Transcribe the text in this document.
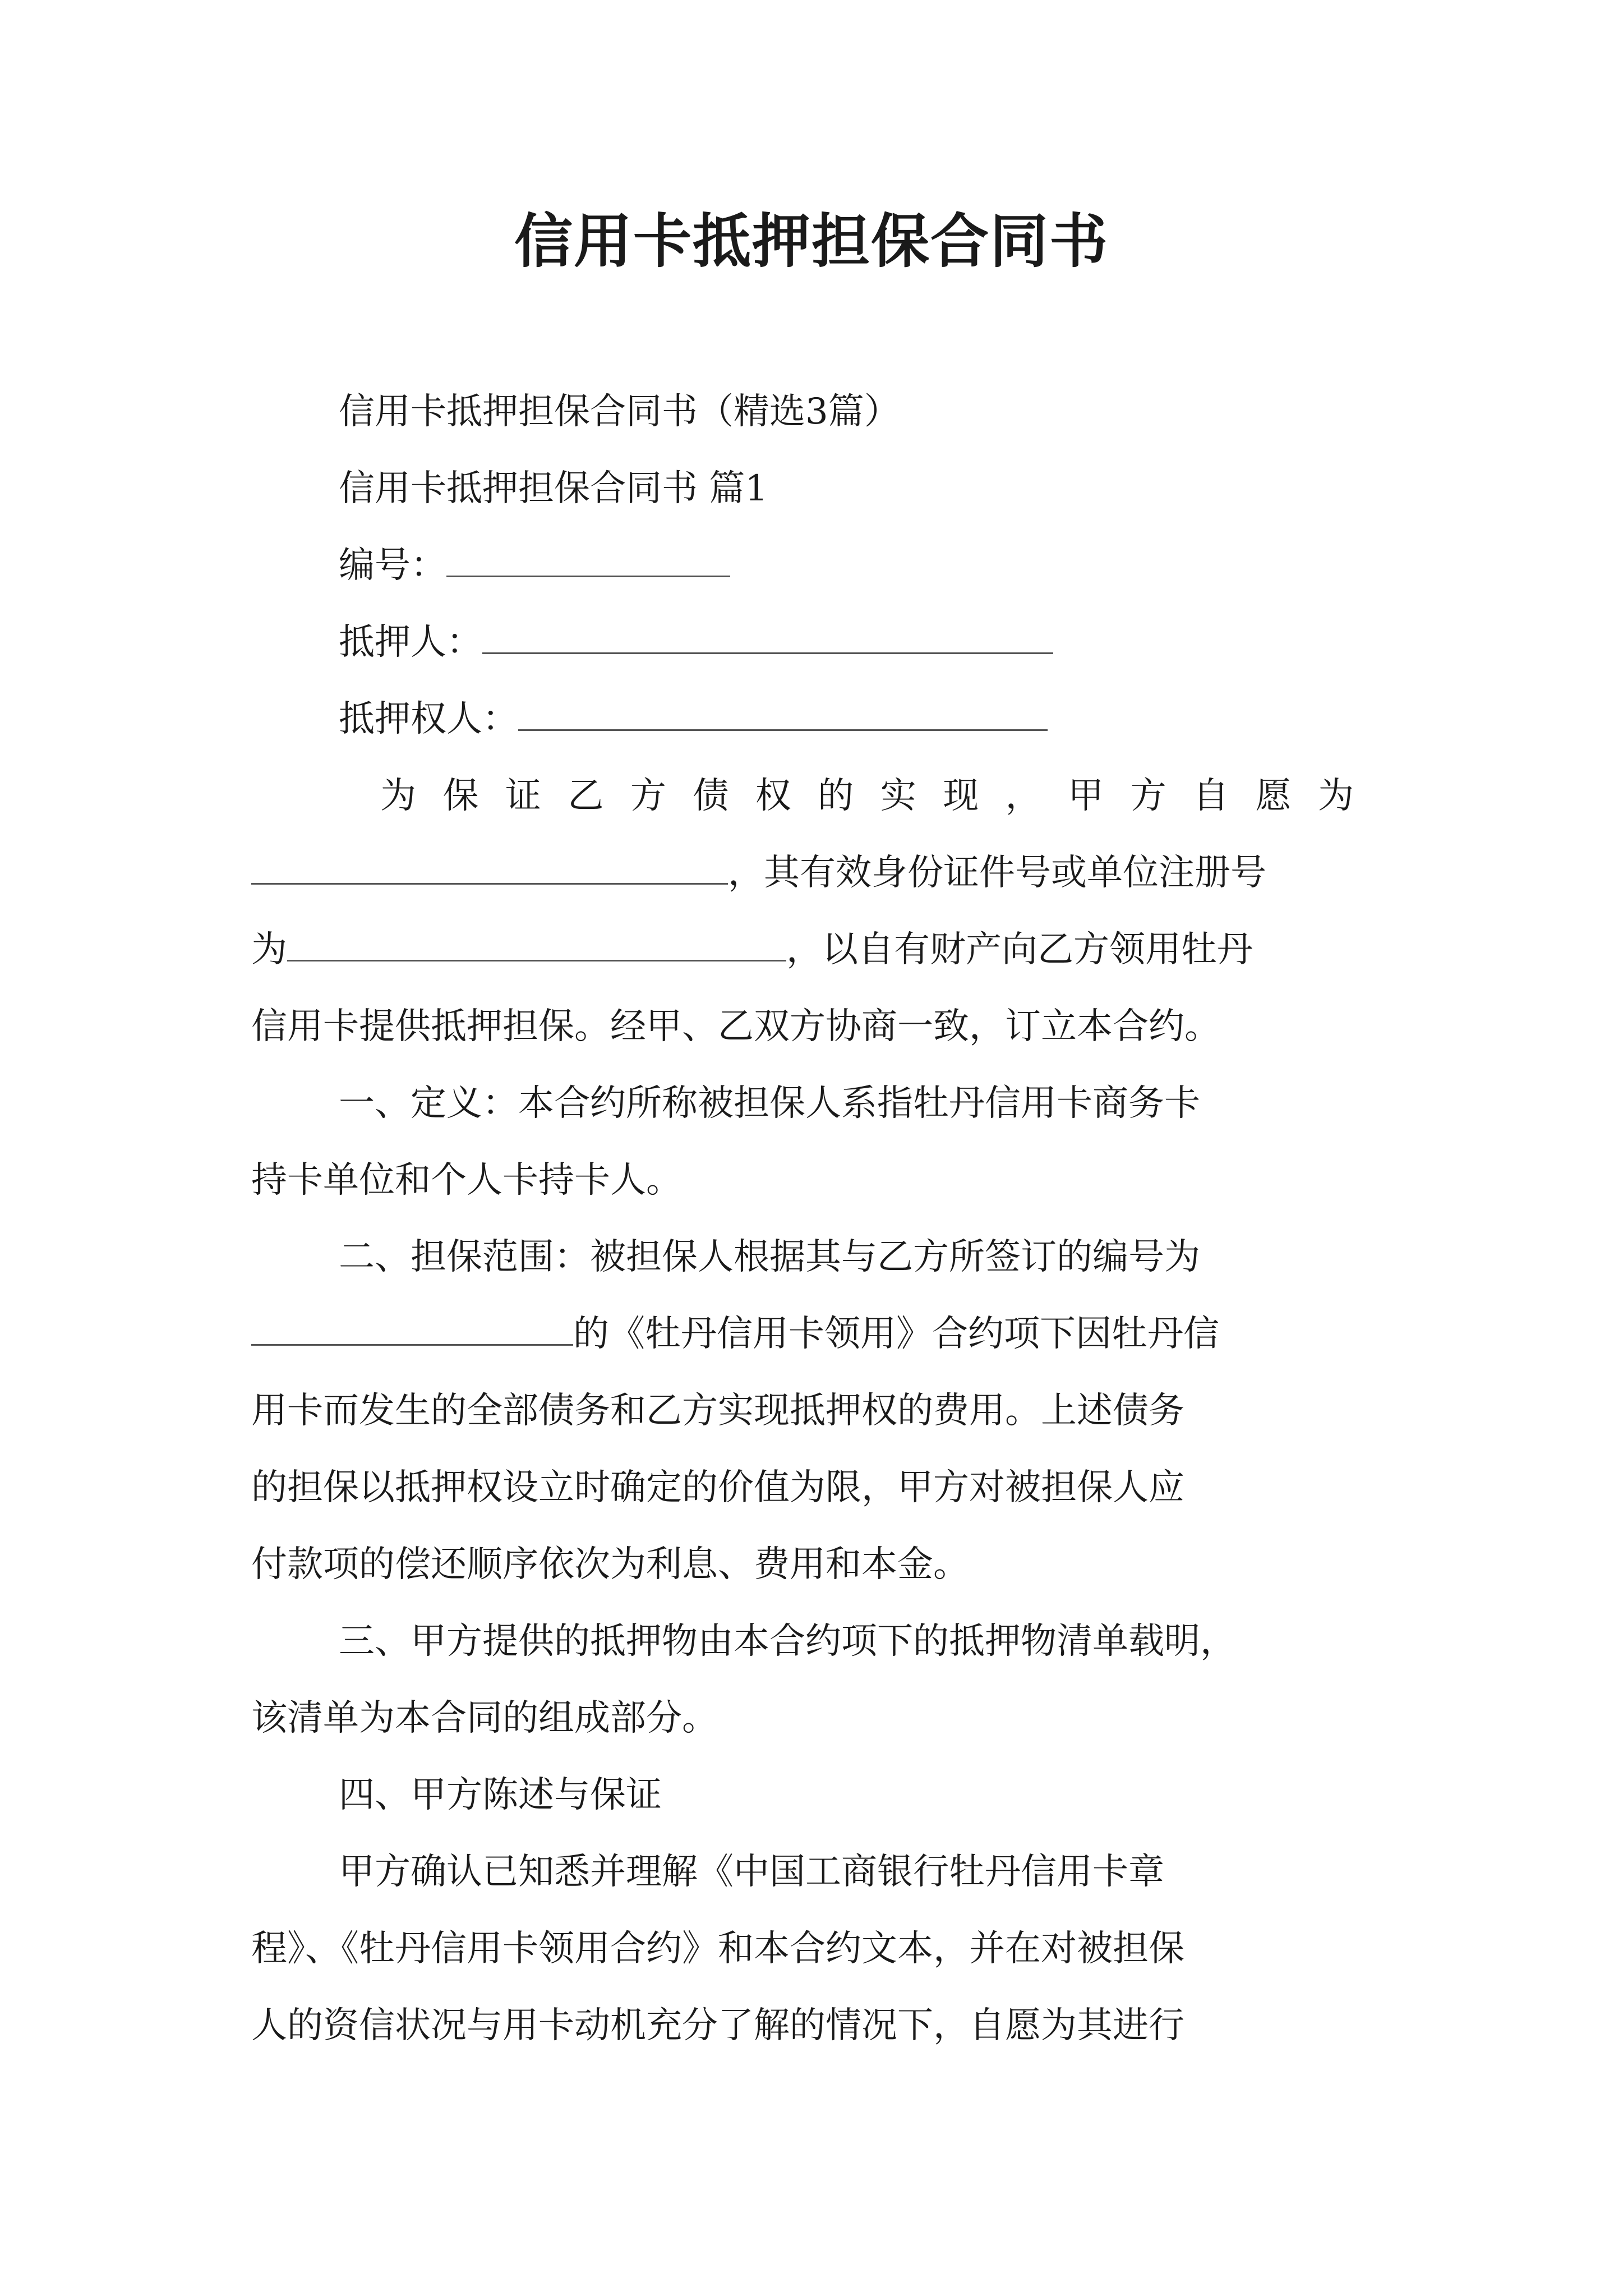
信用卡抵押担保合同书
信用卡抵押担保合同书（精选3篇）
信用卡抵押担保合同书 篇1
编号：
抵押人：
抵押权人：
为保证乙方债权的实现，甲方自愿为
，其有效身份证件号或单位注册号
为	，以自有财产向乙方领用牡丹
信用卡提供抵押担保。经甲、乙双方协商一致，订立本合约。
一、定义：本合约所称被担保人系指牡丹信用卡商务卡
持卡单位和个人卡持卡人。
二、担保范围：被担保人根据其与乙方所签订的编号为
的《牡丹信用卡领用》合约项下因牡丹信
用卡而发生的全部债务和乙方实现抵押权的费用。上述债务
的担保以抵押权设立时确定的价值为限，甲方对被担保人应
付款项的偿还顺序依次为利息、费用和本金。
三、甲方提供的抵押物由本合约项下的抵押物清单载明，
该清单为本合同的组成部分。
四、甲方陈述与保证
甲方确认已知悉并理解《中国工商银行牡丹信用卡章
程》、《牡丹信用卡领用合约》和本合约文本，并在对被担保
人的资信状况与用卡动机充分了解的情况下，自愿为其进行
